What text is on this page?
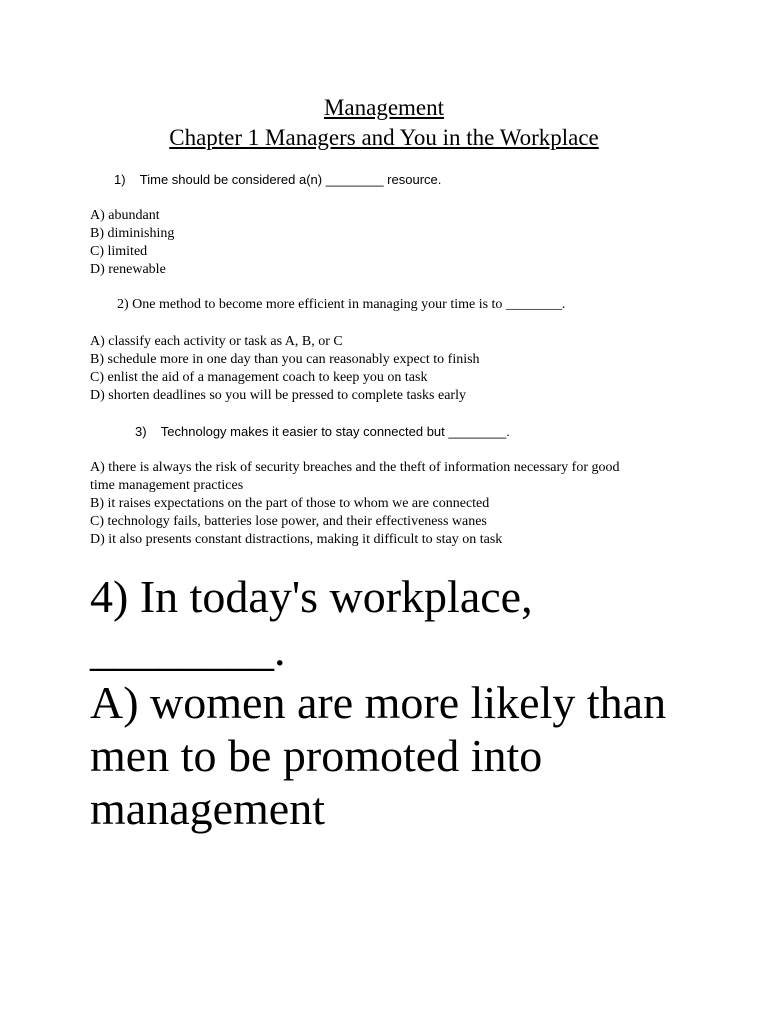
Management
Chapter 1 Managers and You in the Workplace
1) Time should be considered a(n) ________ resource.
A) abundant
B) diminishing
C) limited
D) renewable
2) One method to become more efficient in managing your time is to ________.
A) classify each activity or task as A, B, or C
B) schedule more in one day than you can reasonably expect to finish
C) enlist the aid of a management coach to keep you on task
D) shorten deadlines so you will be pressed to complete tasks early
3) Technology makes it easier to stay connected but ________.
A) there is always the risk of security breaches and the theft of information necessary for good
time management practices
B) it raises expectations on the part of those to whom we are connected
C) technology fails, batteries lose power, and their effectiveness wanes
D) it also presents constant distractions, making it difficult to stay on task
4) In today's workplace,
________.
A) women are more likely than
men to be promoted into
management
